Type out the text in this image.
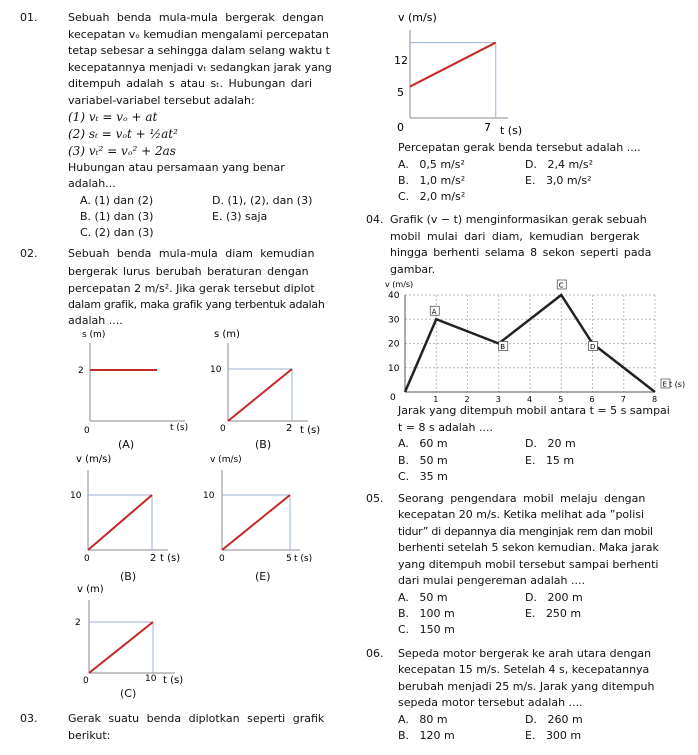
01.	Sebuah benda mula-mula bergerak dengan
kecepatan vₒ kemudian mengalami percepatan
tetap sebesar a sehingga dalam selang waktu t
kecepatannya menjadi vₜ sedangkan jarak yang
ditempuh adalah s atau sₜ. Hubungan dari
variabel-variabel tersebut adalah:
(1) vₜ = vₒ + at
(2) sₜ = vₒt + ½at²
(3) vₜ² = vₒ² + 2as
Hubungan atau persamaan yang benar
adalah...
A. (1) dan (2)
B. (1) dan (3)
C. (2) dan (3)
D. (1), (2), dan (3)
E. (3) saja
02.	Sebuah benda mula-mula diam kemudian
bergerak lurus berubah beraturan dengan
percepatan 2 m/s². Jika gerak tersebut diplot
dalam grafik, maka grafik yang terbentuk adalah
adalah ....
s (m)
2
0	t (s)
(A)
s (m)
10
0	2 t (s)
(B)
v (m/s)
10
0	2 t (s)
(B)
v (m/s)
10
0	5 t (s)
(E)
v (m)
2
0	10 t (s)
(C)
03.	Gerak suatu benda diplotkan seperti grafik
berikut:
v (m/s)
12
5
0	7 t (s)
Percepatan gerak benda tersebut adalah ....
A.   0,5 m/s²
B.   1,0 m/s²
C.   2,0 m/s²
D.   2,4 m/s²
E.   3,0 m/s²
04. Grafik (v − t) menginformasikan gerak sebuah
mobil mulai dari diam, kemudian bergerak
hingga berhenti selama 8 sekon seperti pada
gambar.
v (m/s)
40
30
20
10
1	2	3	4	5	6	7	8
A
B
C
D
E
0
t (s)
Jarak yang ditempuh mobil antara t = 5 s sampai
t = 8 s adalah ....
A.   60 m
B.   50 m
C.   35 m
D.   20 m
E.   15 m
05. Seorang pengendara mobil melaju dengan
kecepatan 20 m/s. Ketika melihat ada ”polisi
tidur” di depannya dia menginjak rem dan mobil
berhenti setelah 5 sekon kemudian. Maka jarak
yang ditempuh mobil tersebut sampai berhenti
dari mulai pengereman adalah ....
A.   50 m
B.   100 m
C.   150 m
D.   200 m
E.   250 m
06. Sepeda motor bergerak ke arah utara dengan
kecepatan 15 m/s. Setelah 4 s, kecepatannya
berubah menjadi 25 m/s. Jarak yang ditempuh
sepeda motor tersebut adalah ....
A.   80 m
B.   120 m
D.   260 m
E.   300 m
